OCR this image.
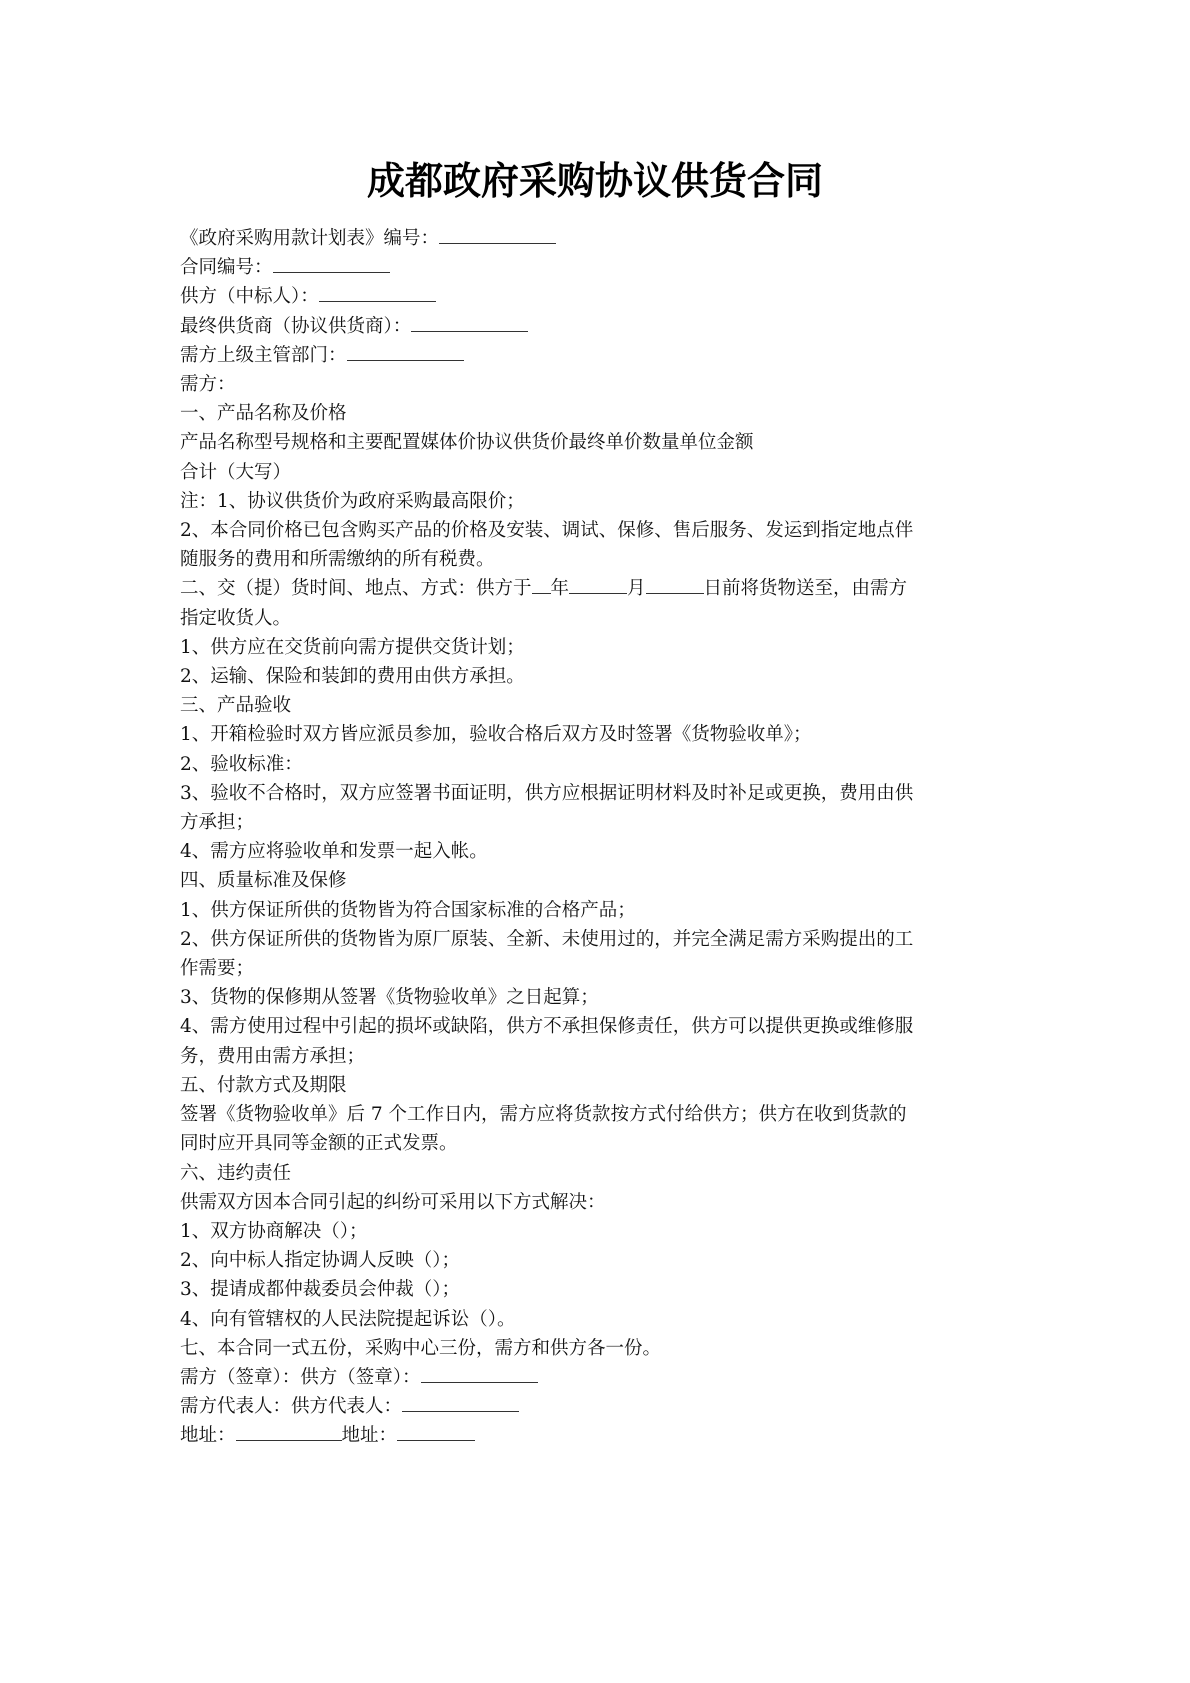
成都政府采购协议供货合同
《政府采购用款计划表》编号：
合同编号：
供方（中标人）：
最终供货商（协议供货商）：
需方上级主管部门：
需方：
一、产品名称及价格
产品名称型号规格和主要配置媒体价协议供货价最终单价数量单位金额
合计（大写）
注：1、协议供货价为政府采购最高限价；
2、本合同价格已包含购买产品的价格及安装、调试、保修、售后服务、发运到指定地点伴
随服务的费用和所需缴纳的所有税费。
二、交（提）货时间、地点、方式：供方于 年	月	日前将货物送至，由需方
指定收货人。
1、供方应在交货前向需方提供交货计划；
2、运输、保险和装卸的费用由供方承担。
三、产品验收
1、开箱检验时双方皆应派员参加，验收合格后双方及时签署《货物验收单》；
2、验收标准：
3、验收不合格时，双方应签署书面证明，供方应根据证明材料及时补足或更换，费用由供
方承担；
4、需方应将验收单和发票一起入帐。
四、质量标准及保修
1、供方保证所供的货物皆为符合国家标准的合格产品；
2、供方保证所供的货物皆为原厂原装、全新、未使用过的，并完全满足需方采购提出的工
作需要；
3、货物的保修期从签署《货物验收单》之日起算；
4、需方使用过程中引起的损坏或缺陷，供方不承担保修责任，供方可以提供更换或维修服
务，费用由需方承担；
五、付款方式及期限
签署《货物验收单》后 7 个工作日内，需方应将货款按方式付给供方；供方在收到货款的
同时应开具同等金额的正式发票。
六、违约责任
供需双方因本合同引起的纠纷可采用以下方式解决：
1、双方协商解决（）；
2、向中标人指定协调人反映（）；
3、提请成都仲裁委员会仲裁（）；
4、向有管辖权的人民法院提起诉讼（）。
七、本合同一式五份，采购中心三份，需方和供方各一份。
需方（签章）：供方（签章）：
需方代表人：供方代表人：
地址：	地址：
